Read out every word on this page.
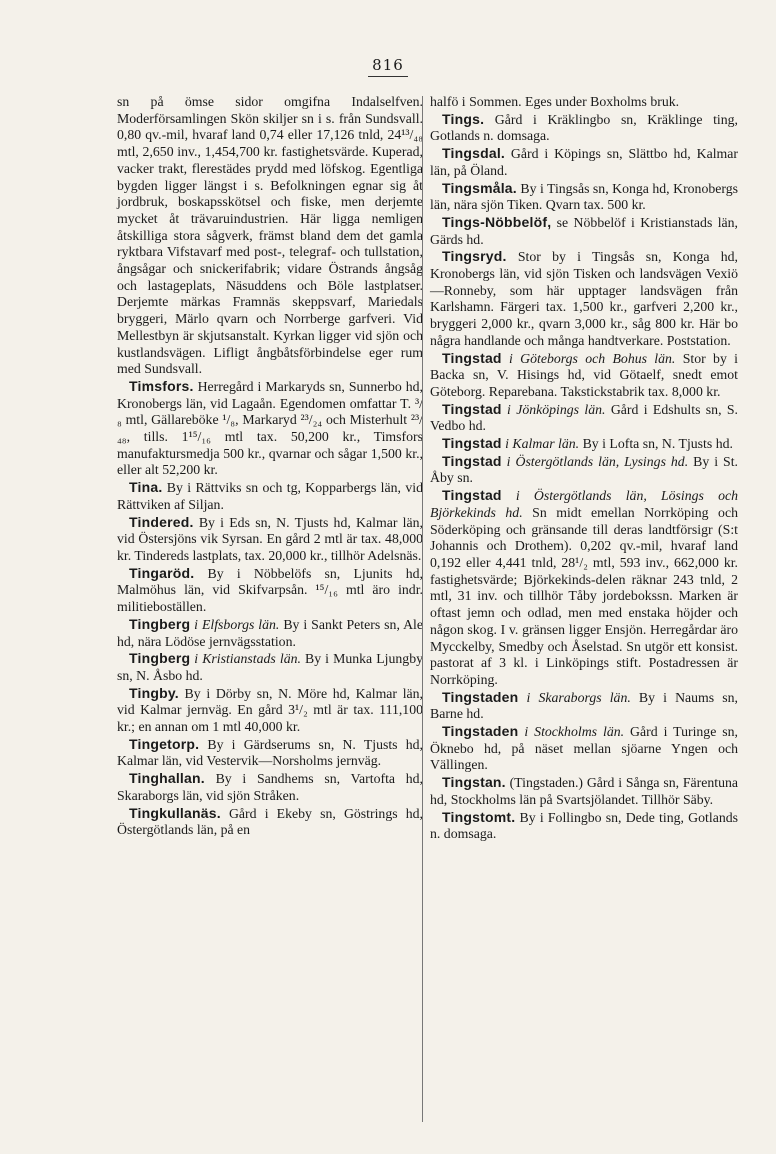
816

sn på ömse sidor omgifna Indalselfven. Moderförsamlingen Skön skiljer sn i s. från Sundsvall. 0,80 qv.-mil, hvaraf land 0,74 eller 17,126 tnld, 24¹³/₄₈ mtl, 2,650 inv., 1,454,700 kr. fastighetsvärde. Kuperad, vacker trakt, flerestädes prydd med löfskog. Egentliga bygden ligger längst i s. Befolkningen egnar sig åt jordbruk, boskapsskötsel och fiske, men derjemte mycket åt trävaruindustrien. Här ligga nemligen åtskilliga stora sågverk, främst bland dem det gamla ryktbara Vifstavarf med post-, telegraf- och tullstation, ångsågar och snickerifabrik; vidare Östrands ångsåg och lastageplats, Näsuddens och Böle lastplatser. Derjemte märkas Framnäs skeppsvarf, Mariedals bryggeri, Märlo qvarn och Norrberge garfveri. Vid Mellestbyn är skjutsanstalt. Kyrkan ligger vid sjön och kustlandsvägen. Lifligt ångbåtsförbindelse eger rum med Sundsvall.

Timsfors. Herregård i Markaryds sn, Sunnerbo hd, Kronobergs län, vid Lagaån. Egendomen omfattar T. ³/₈ mtl, Gällareböke ¹/₈, Markaryd ²³/₂₄ och Misterhult ²³/₄₈, tills. 1¹⁵/₁₆ mtl tax. 50,200 kr., Timsfors manufaktursmedja 500 kr., qvarnar och sågar 1,500 kr., eller alt 52,200 kr.

Tina. By i Rättviks sn och tg, Kopparbergs län, vid Rättviken af Siljan.

Tindered. By i Eds sn, N. Tjusts hd, Kalmar län, vid Östersjöns vik Syrsan. En gård 2 mtl är tax. 48,000 kr. Tindereds lastplats, tax. 20,000 kr., tillhör Adelsnäs.

Tingaröd. By i Nöbbelöfs sn, Ljunits hd, Malmöhus län, vid Skifvarpsån. ¹⁵/₁₆ mtl äro indr. militieboställen.

Tingberg i Elfsborgs län. By i Sankt Peters sn, Ale hd, nära Lödöse jernvägsstation.

Tingberg i Kristianstads län. By i Munka Ljungby sn, N. Åsbo hd.

Tingby. By i Dörby sn, N. Möre hd, Kalmar län, vid Kalmar jernväg. En gård 3¹/₂ mtl är tax. 111,100 kr.; en annan om 1 mtl 40,000 kr.

Tingetorp. By i Gärdserums sn, N. Tjusts hd, Kalmar län, vid Vestervik—Norsholms jernväg.

Tinghallan. By i Sandhems sn, Vartofta hd, Skaraborgs län, vid sjön Stråken.

Tingkullanäs. Gård i Ekeby sn, Göstrings hd, Östergötlands län, på en

halfö i Sommen. Eges under Boxholms bruk.

Tings. Gård i Kräklingbo sn, Kräklinge ting, Gotlands n. domsaga.

Tingsdal. Gård i Köpings sn, Slättbo hd, Kalmar län, på Öland.

Tingsmåla. By i Tingsås sn, Konga hd, Kronobergs län, nära sjön Tiken. Qvarn tax. 500 kr.

Tings-Nöbbelöf, se Nöbbelöf i Kristianstads län, Gärds hd.

Tingsryd. Stor by i Tingsås sn, Konga hd, Kronobergs län, vid sjön Tisken och landsvägen Vexiö—Ronneby, som här upptager landsvägen från Karlshamn. Färgeri tax. 1,500 kr., garfveri 2,200 kr., bryggeri 2,000 kr., qvarn 3,000 kr., såg 800 kr. Här bo några handlande och många handtverkare. Poststation.

Tingstad i Göteborgs och Bohus län. Stor by i Backa sn, V. Hisings hd, vid Götaelf, snedt emot Göteborg. Reparebana. Takstickstabrik tax. 8,000 kr.

Tingstad i Jönköpings län. Gård i Edshults sn, S. Vedbo hd.

Tingstad i Kalmar län. By i Lofta sn, N. Tjusts hd.

Tingstad i Östergötlands län, Lysings hd. By i St. Åby sn.

Tingstad i Östergötlands län, Lösings och Björkekinds hd. Sn midt emellan Norrköping och Söderköping och gränsande till deras landtförsigr (S:t Johannis och Drothem). 0,202 qv.-mil, hvaraf land 0,192 eller 4,441 tnld, 28¹/₂ mtl, 593 inv., 662,000 kr. fastighetsvärde; Björkekinds-delen räknar 243 tnld, 2 mtl, 31 inv. och tillhör Tåby jordebokssn. Marken är oftast jemn och odlad, men med enstaka höjder och någon skog. I v. gränsen ligger Ensjön. Herregårdar äro Mycckelby, Smedby och Åselstad. Sn utgör ett konsist. pastorat af 3 kl. i Linköpings stift. Postadressen är Norrköping.

Tingstaden i Skaraborgs län. By i Naums sn, Barne hd.

Tingstaden i Stockholms län. Gård i Turinge sn, Öknebo hd, på näset mellan sjöarne Yngen och Vällingen.

Tingstan. (Tingstaden.) Gård i Sånga sn, Färentuna hd, Stockholms län på Svartsjölandet. Tillhör Säby.

Tingstomt. By i Follingbo sn, Dede ting, Gotlands n. domsaga.
